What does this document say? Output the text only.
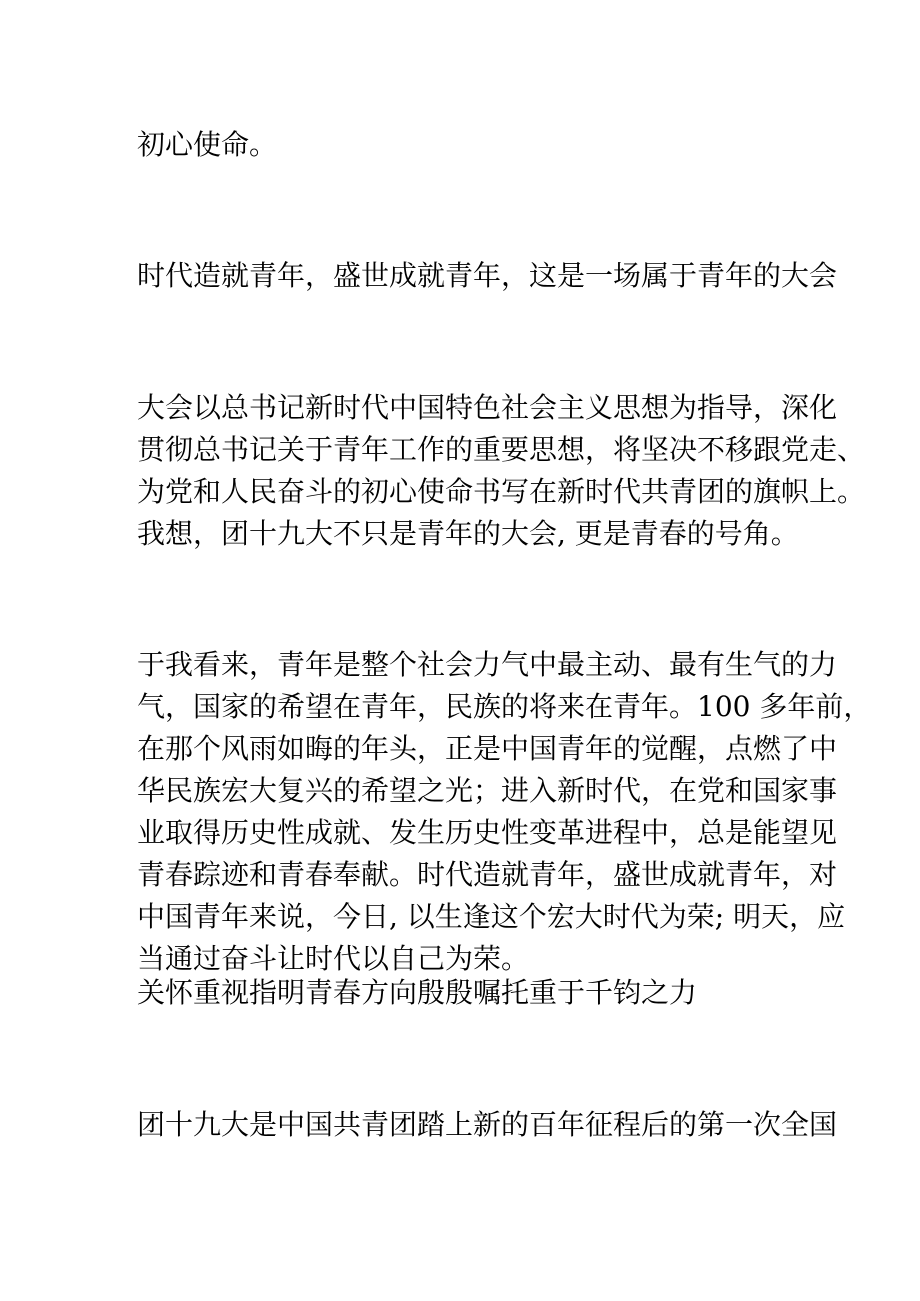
初心使命。
时代造就青年，盛世成就青年，这是一场属于青年的大会
大会以总书记新时代中国特色社会主义思想为指导，深化
贯彻总书记关于青年工作的重要思想，将坚决不移跟党走、
为党和人民奋斗的初心使命书写在新时代共青团的旗帜上。
我想，团十九大不只是青年的大会, 更是青春的号角。
于我看来，青年是整个社会力气中最主动、最有生气的力
气，国家的希望在青年，民族的将来在青年。100 多年前，
在那个风雨如晦的年头，正是中国青年的觉醒，点燃了中
华民族宏大复兴的希望之光；进入新时代，在党和国家事
业取得历史性成就、发生历史性变革进程中，总是能望见
青春踪迹和青春奉献。时代造就青年，盛世成就青年，对
中国青年来说，今日, 以生逢这个宏大时代为荣; 明天，应
当通过奋斗让时代以自己为荣。
关怀重视指明青春方向殷殷嘱托重于千钧之力
团十九大是中国共青团踏上新的百年征程后的第一次全国
